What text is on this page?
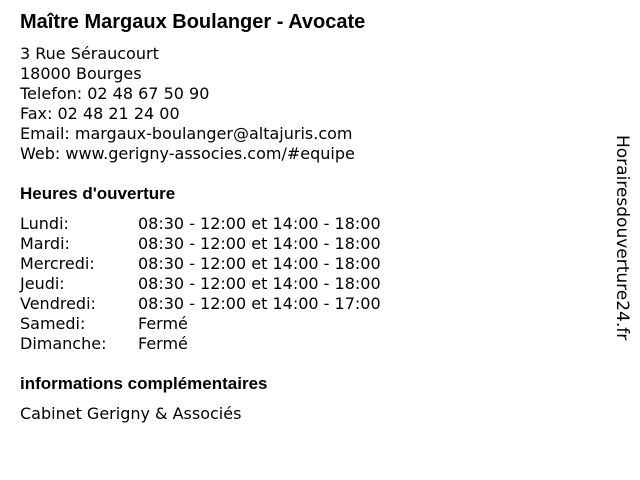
Maître Margaux Boulanger - Avocate
3 Rue Séraucourt
18000 Bourges
Telefon: 02 48 67 50 90
Fax: 02 48 21 24 00
Email: margaux-boulanger@altajuris.com
Web: www.gerigny-associes.com/#equipe
Heures d'ouverture
Lundi:	08:30 - 12:00 et 14:00 - 18:00
Mardi:	08:30 - 12:00 et 14:00 - 18:00
Mercredi:	08:30 - 12:00 et 14:00 - 18:00
Jeudi:	08:30 - 12:00 et 14:00 - 18:00
Vendredi:	08:30 - 12:00 et 14:00 - 17:00
Samedi:	Fermé
Dimanche: Fermé
informations complémentaires
Cabinet Gerigny & Associés
Horairesdouverture24.fr
